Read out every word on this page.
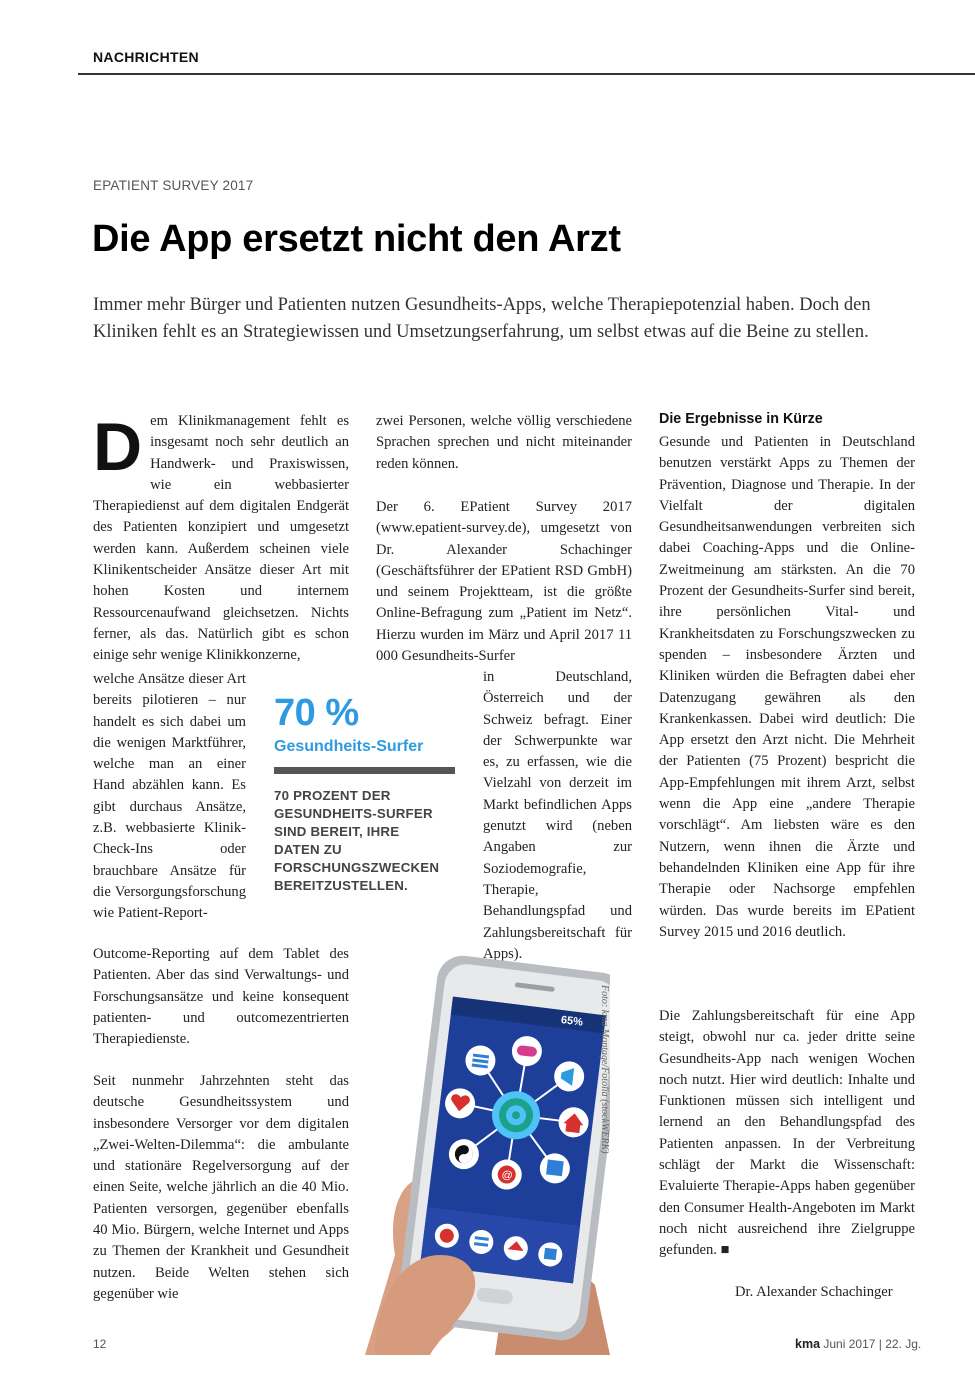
NACHRICHTEN
EPATIENT SURVEY 2017
Die App ersetzt nicht den Arzt
Immer mehr Bürger und Patienten nutzen Gesundheits-Apps, welche Therapiepotenzial haben. Doch den Kliniken fehlt es an Strategiewissen und Umsetzungserfahrung, um selbst etwas auf die Beine zu stellen.
D em Klinikmanagement fehlt es insgesamt noch sehr deutlich an Handwerk- und Praxiswissen, wie ein webbasierter Therapiedienst auf dem digitalen Endgerät des Patienten konzipiert und umgesetzt werden kann. Außerdem scheinen viele Klinikentscheider Ansätze dieser Art mit hohen Kosten und internem Ressourcenaufwand gleichsetzen. Nichts ferner, als das. Natürlich gibt es schon einige sehr wenige Klinikkonzerne,
welche Ansätze dieser Art bereits pilotieren – nur handelt es sich dabei um die wenigen Marktführer, welche man an einer Hand abzählen kann. Es gibt durchaus Ansätze, z.B. webbasierte Klinik-Check-Ins oder brauchbare Ansätze für die Versorgungsforschung wie Patient-Report-
Outcome-Reporting auf dem Tablet des Patienten. Aber das sind Verwaltungs- und Forschungsansätze und keine konsequent patienten- und outcomezentrierten Therapiedienste.
Seit nunmehr Jahrzehnten steht das deutsche Gesundheitssystem und insbesondere Versorger vor dem digitalen „Zwei-Welten-Dilemma“: die ambulante und stationäre Regelversorgung auf der einen Seite, welche jährlich an die 40 Mio. Patienten versorgen, gegenüber ebenfalls 40 Mio. Bürgern, welche Internet und Apps zu Themen der Krankheit und Gesundheit nutzen. Beide Welten stehen sich gegenüber wie
zwei Personen, welche völlig verschiedene Sprachen sprechen und nicht miteinander reden können.
Der 6. EPatient Survey 2017 (www.epatient-survey.de), umgesetzt von Dr. Alexander Schachinger (Geschäftsführer der EPatient RSD GmbH) und seinem Projektteam, ist die größte Online-Befragung zum „Patient im Netz“. Hierzu wurden im März und April 2017 11 000 Gesundheits-Surfer
in Deutschland, Österreich und der Schweiz befragt. Einer der Schwerpunkte war es, zu erfassen, wie die Vielzahl von derzeit im Markt befindlichen Apps genutzt wird (neben Angaben zur Soziodemografie, Therapie, Behandlungspfad und Zahlungsbereitschaft für Apps).
70 %
Gesundheits-Surfer
70 PROZENT DER GESUNDHEITS-SURFER SIND BEREIT, IHRE DATEN ZU FORSCHUNGSZWECKEN BEREITZUSTELLEN.
Die Ergebnisse in Kürze
Gesunde und Patienten in Deutschland benutzen verstärkt Apps zu Themen der Prävention, Diagnose und Therapie. In der Vielfalt der digitalen Gesundheitsanwendungen verbreiten sich dabei Coaching-Apps und die Online-Zweitmeinung am stärksten. An die 70 Prozent der Gesundheits-Surfer sind bereit, ihre persönlichen Vital- und Krankheitsdaten zu Forschungszwecken zu spenden – insbesondere Ärzten und Kliniken würden die Befragten dabei eher Datenzugang gewähren als den Krankenkassen. Dabei wird deutlich: Die App ersetzt den Arzt nicht. Die Mehrheit der Patienten (75 Prozent) bespricht die App-Empfehlungen mit ihrem Arzt, selbst wenn die App eine „andere Therapie vorschlägt“. Am liebsten wäre es den Nutzern, wenn ihnen die Ärzte und behandelnden Kliniken eine App für ihre Therapie oder Nachsorge empfehlen würden. Das wurde bereits im EPatient Survey 2015 und 2016 deutlich.
Die Zahlungsbereitschaft für eine App steigt, obwohl nur ca. jeder dritte seine Gesundheits-App nach wenigen Wochen noch nutzt. Hier wird deutlich: Inhalte und Funktionen müssen sich intelligent und lernend an den Behandlungspfad des Patienten anpassen. In der Verbreitung schlägt der Markt die Wissenschaft: Evaluierte Therapie-Apps haben gegenüber den Consumer Health-Angeboten im Markt noch nicht ausreichend ihre Zielgruppe gefunden. ■
Dr. Alexander Schachinger
65%
@
Foto: kma Montage/Fotolia (stockWERK)
12	kma Juni 2017 | 22. Jg.
